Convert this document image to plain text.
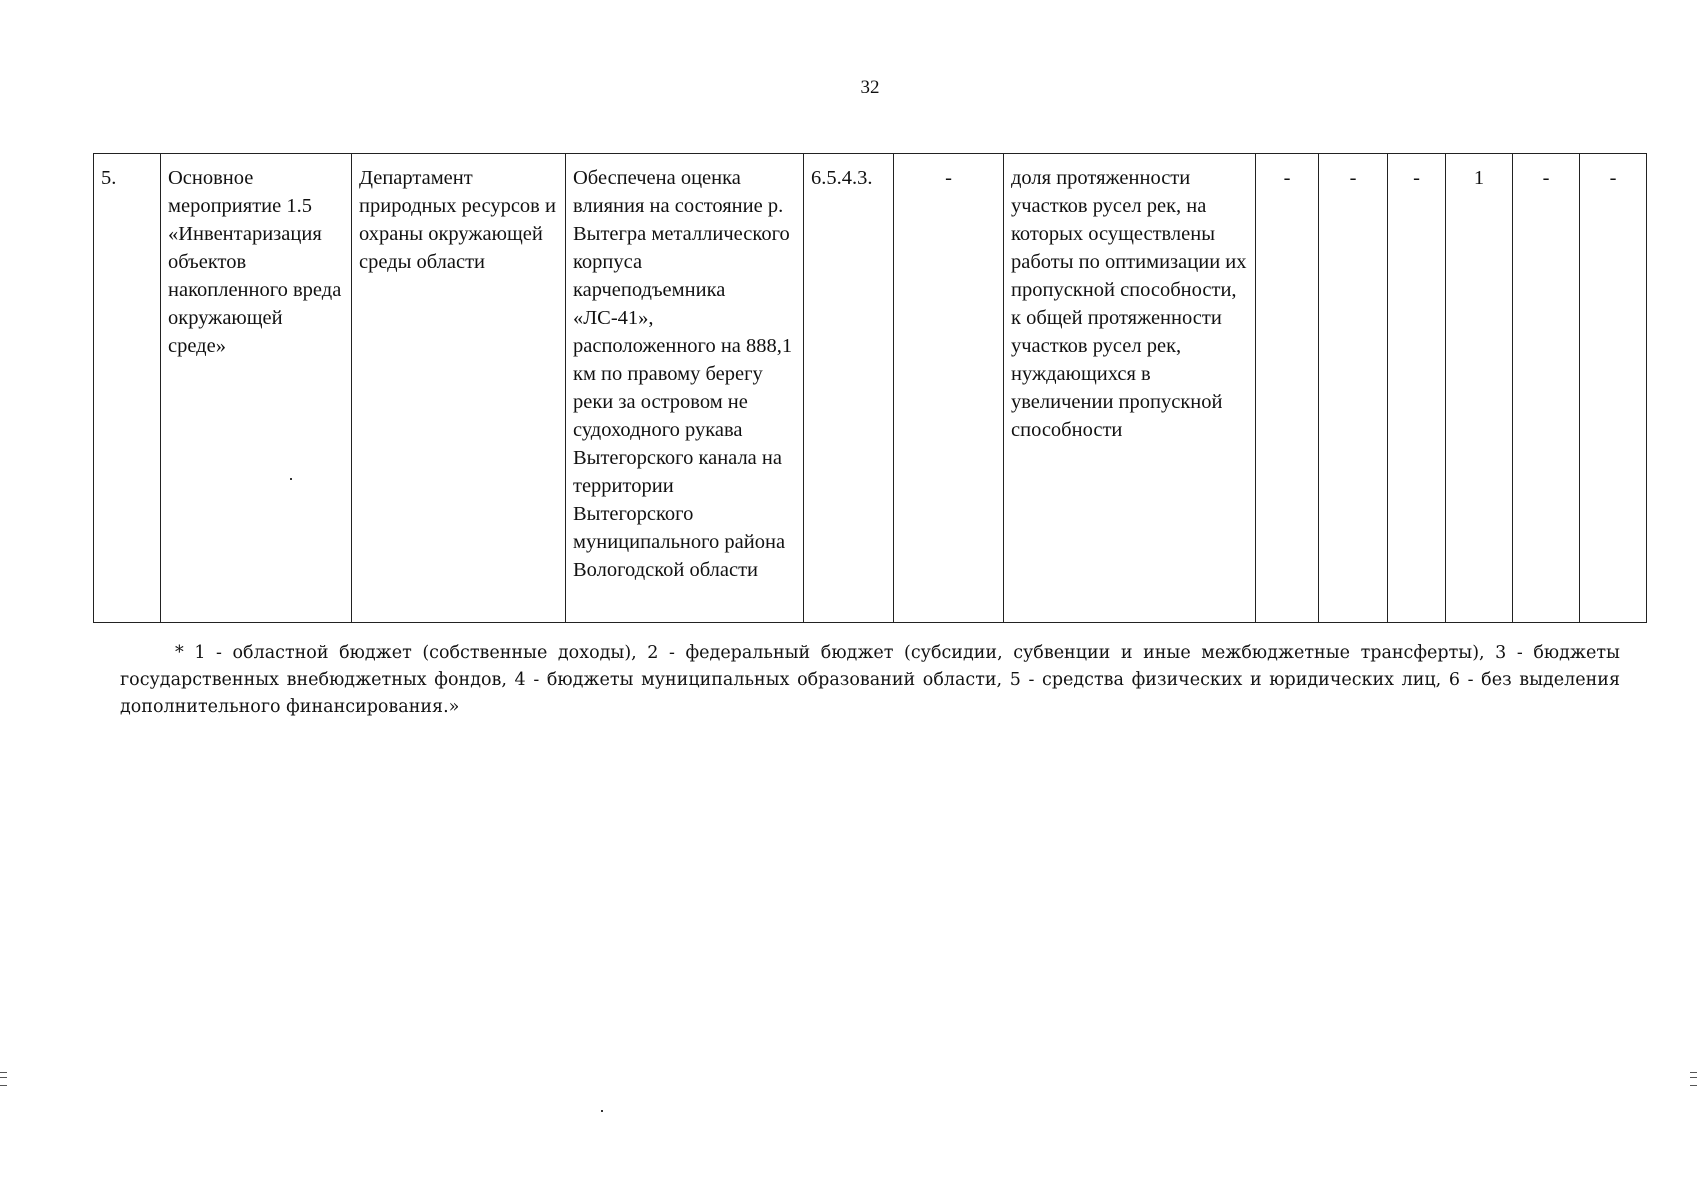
32
5.	Основное мероприятие 1.5 «Инвентаризация объектов накопленного вреда окружающей среде»	Департамент природных ресурсов и охраны окружающей среды области	Обеспечена оценка влияния на состояние р. Вытегра металлического корпуса карчеподъемника «ЛС-41», расположенного на 888,1 км по правому берегу реки за островом не судоходного рукава Вытегорского канала на территории Вытегорского муниципального района Вологодской области	6.5.4.3.	-	доля протяженности участков русел рек, на которых осуществлены работы по оптимизации их пропускной способности, к общей протяженности участков русел рек, нуждающихся в увеличении пропускной способности	-	-	-	1	-	-
* 1 - областной бюджет (собственные доходы), 2 - федеральный бюджет (субсидии, субвенции и иные межбюджетные трансферты), 3 - бюджеты государственных внебюджетных фондов, 4 - бюджеты муниципальных образований области, 5 - средства физических и юридических лиц, 6 - без выделения дополнительного финансирования.»
